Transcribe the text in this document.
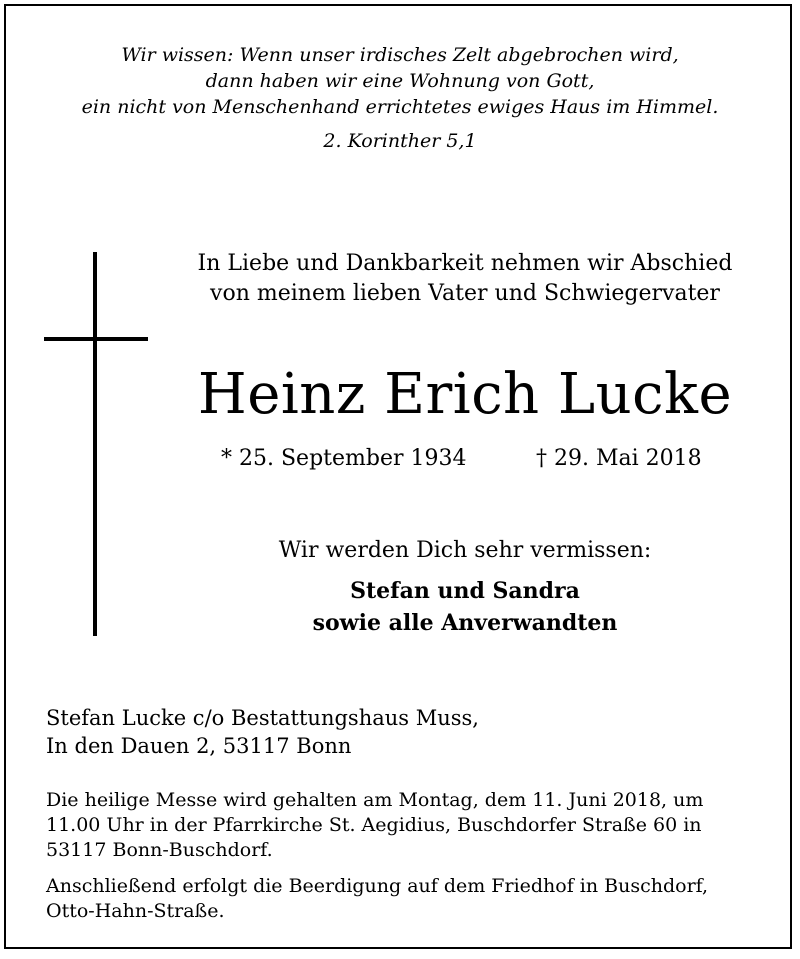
Wir wissen: Wenn unser irdisches Zelt abgebrochen wird,
dann haben wir eine Wohnung von Gott,
ein nicht von Menschenhand errichtetes ewiges Haus im Himmel.
2. Korinther 5,1
In Liebe und Dankbarkeit nehmen wir Abschied
von meinem lieben Vater und Schwiegervater
Heinz Erich Lucke
* 25. September 1934	† 29. Mai 2018
Wir werden Dich sehr vermissen:
Stefan und Sandra
sowie alle Anverwandten
Stefan Lucke c/o Bestattungshaus Muss,
In den Dauen 2, 53117 Bonn
Die heilige Messe wird gehalten am Montag, dem 11. Juni 2018, um
11.00 Uhr in der Pfarrkirche St. Aegidius, Buschdorfer Straße 60 in
53117 Bonn-Buschdorf.
Anschließend erfolgt die Beerdigung auf dem Friedhof in Buschdorf,
Otto-Hahn-Straße.
